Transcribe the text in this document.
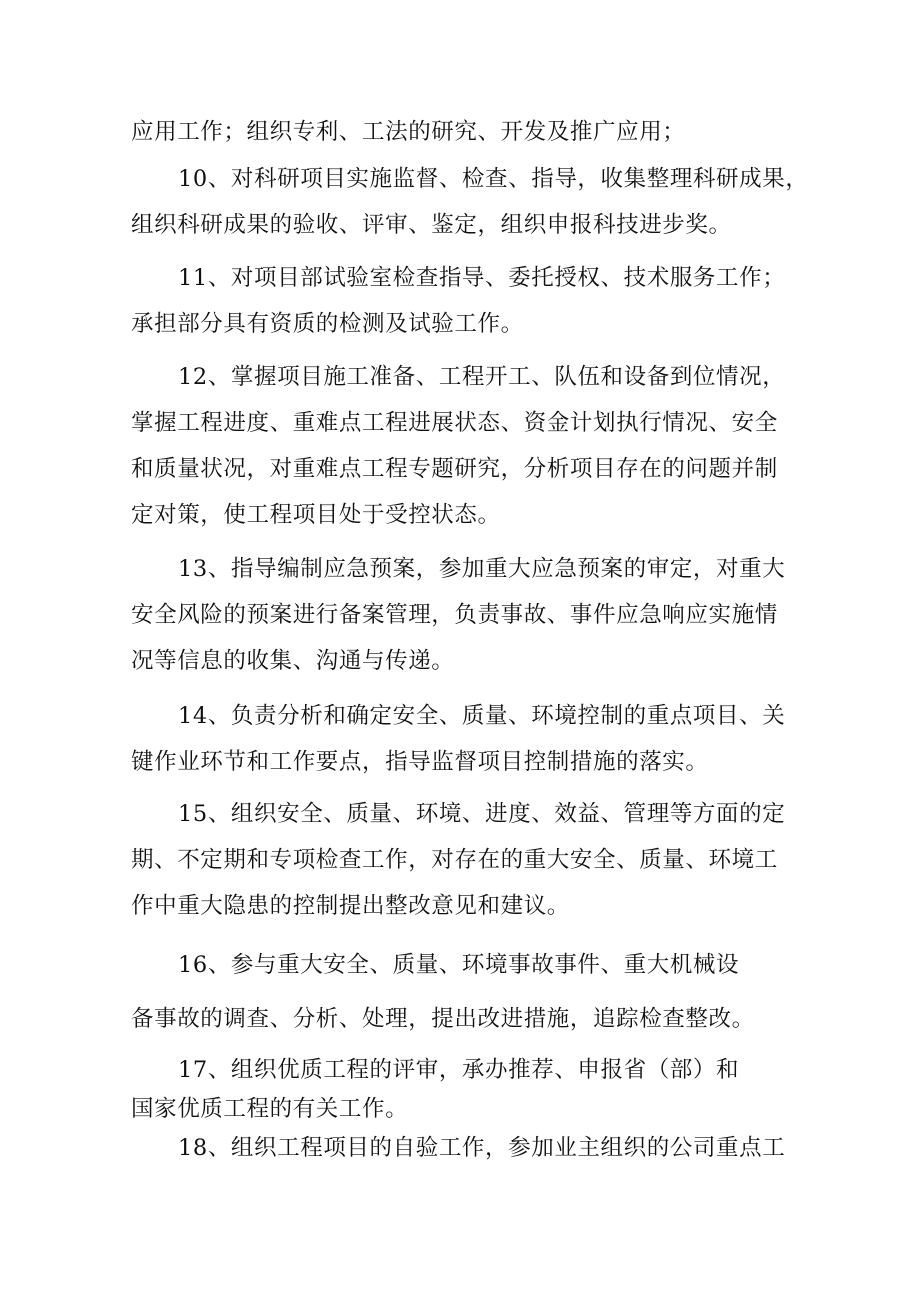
应用工作；组织专利、工法的研究、开发及推广应用；

10、对科研项目实施监督、检查、指导，收集整理科研成果，
组织科研成果的验收、评审、鉴定，组织申报科技进步奖。

11、对项目部试验室检查指导、委托授权、技术服务工作；
承担部分具有资质的检测及试验工作。

12、掌握项目施工准备、工程开工、队伍和设备到位情况，
掌握工程进度、重难点工程进展状态、资金计划执行情况、安全
和质量状况，对重难点工程专题研究，分析项目存在的问题并制
定对策，使工程项目处于受控状态。

13、指导编制应急预案，参加重大应急预案的审定，对重大
安全风险的预案进行备案管理，负责事故、事件应急响应实施情
况等信息的收集、沟通与传递。

14、负责分析和确定安全、质量、环境控制的重点项目、关
键作业环节和工作要点，指导监督项目控制措施的落实。

15、组织安全、质量、环境、进度、效益、管理等方面的定
期、不定期和专项检查工作，对存在的重大安全、质量、环境工
作中重大隐患的控制提出整改意见和建议。

16、参与重大安全、质量、环境事故事件、重大机械设
备事故的调查、分析、处理，提出改进措施，追踪检查整改。

17、组织优质工程的评审，承办推荐、申报省（部）和
国家优质工程的有关工作。

18、组织工程项目的自验工作，参加业主组织的公司重点工
